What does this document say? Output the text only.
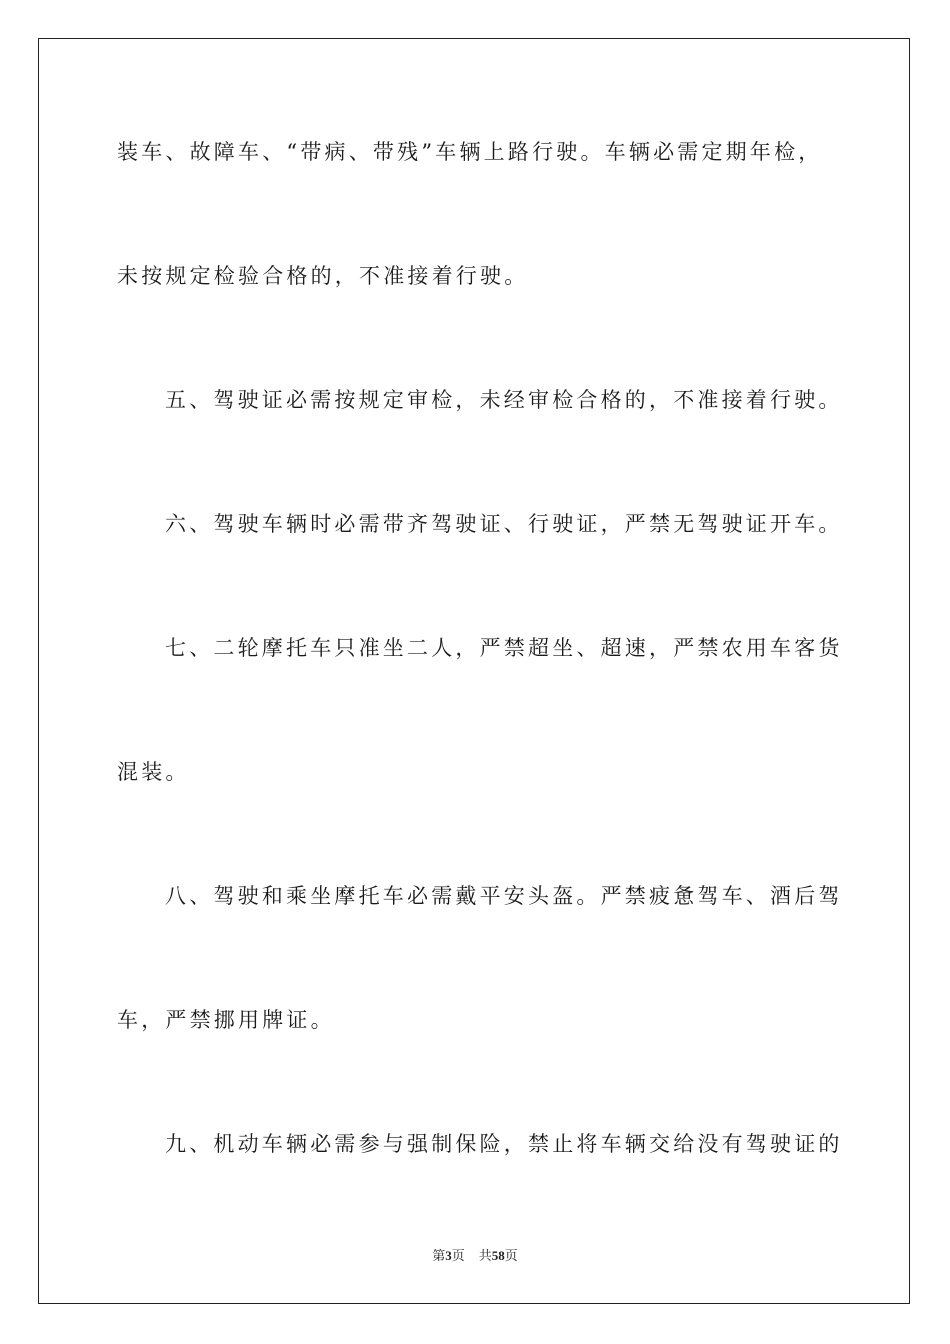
装车、故障车、“带病、带残”车辆上路行驶。车辆必需定期年检，
未按规定检验合格的，不准接着行驶。
五、驾驶证必需按规定审检，未经审检合格的，不准接着行驶。
六、驾驶车辆时必需带齐驾驶证、行驶证，严禁无驾驶证开车。
七、二轮摩托车只准坐二人，严禁超坐、超速，严禁农用车客货
混装。
八、驾驶和乘坐摩托车必需戴平安头盔。严禁疲惫驾车、酒后驾
车，严禁挪用牌证。
九、机动车辆必需参与强制保险，禁止将车辆交给没有驾驶证的
第3页 共58页
